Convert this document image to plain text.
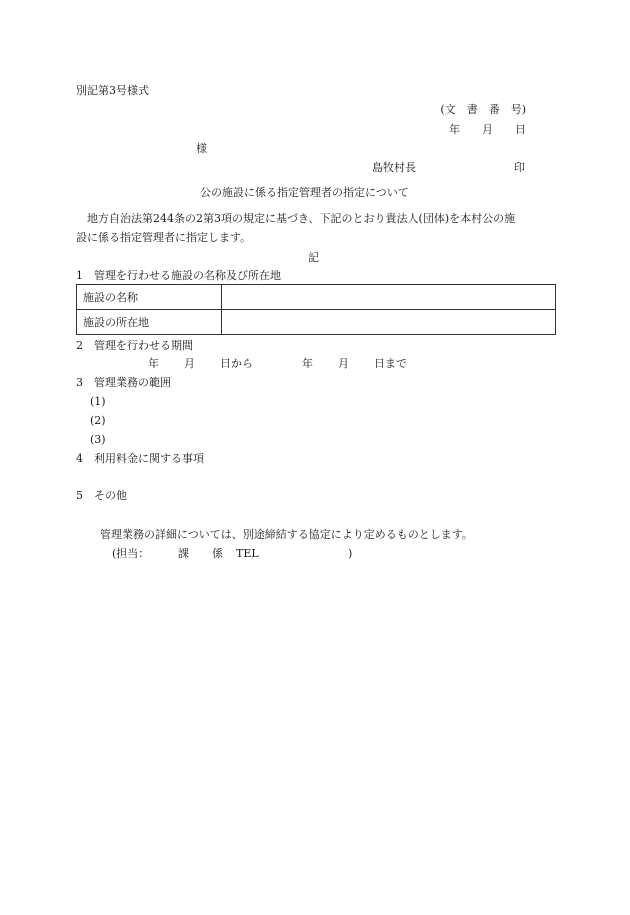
別記第3号様式
(文　書　番　号)
年　　月　　日
様
島牧村長	印
公の施設に係る指定管理者の指定について
　地方自治法第244条の2第3項の規定に基づき、下記のとおり貴法人(団体)を本村公の施
設に係る指定管理者に指定します。
記
1　管理を行わせる施設の名称及び所在地
施設の名称	
施設の所在地	
2　管理を行わせる期間
年 月 日から	年 月 日まで
3　管理業務の範囲
(1)
(2)
(3)
4　利用料金に関する事項
5　その他
管理業務の詳細については、別途締結する協定により定めるものとします。
(担当：	課 係 TEL	)
